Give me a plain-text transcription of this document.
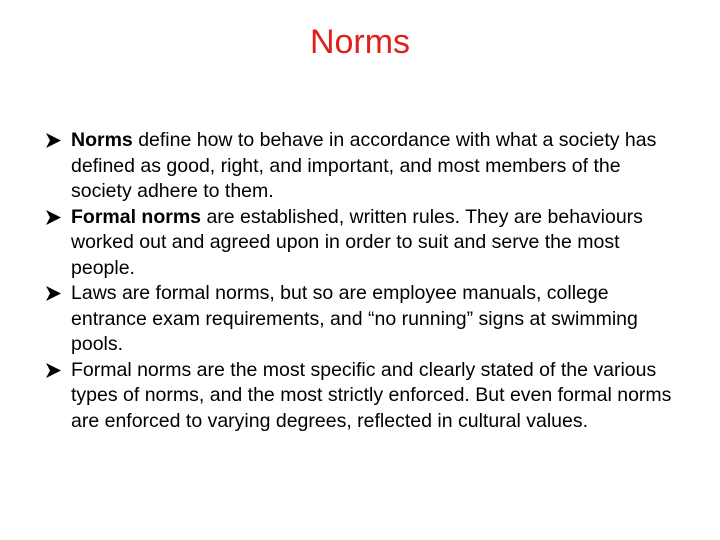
Norms
Norms define how to behave in accordance with what a society has defined as good, right, and important, and most members of the society adhere to them.
Formal norms are established, written rules. They are behaviours worked out and agreed upon in order to suit and serve the most people.
Laws are formal norms, but so are employee manuals, college entrance exam requirements, and “no running” signs at swimming pools.
Formal norms are the most specific and clearly stated of the various types of norms, and the most strictly enforced. But even formal norms are enforced to varying degrees, reflected in cultural values.
